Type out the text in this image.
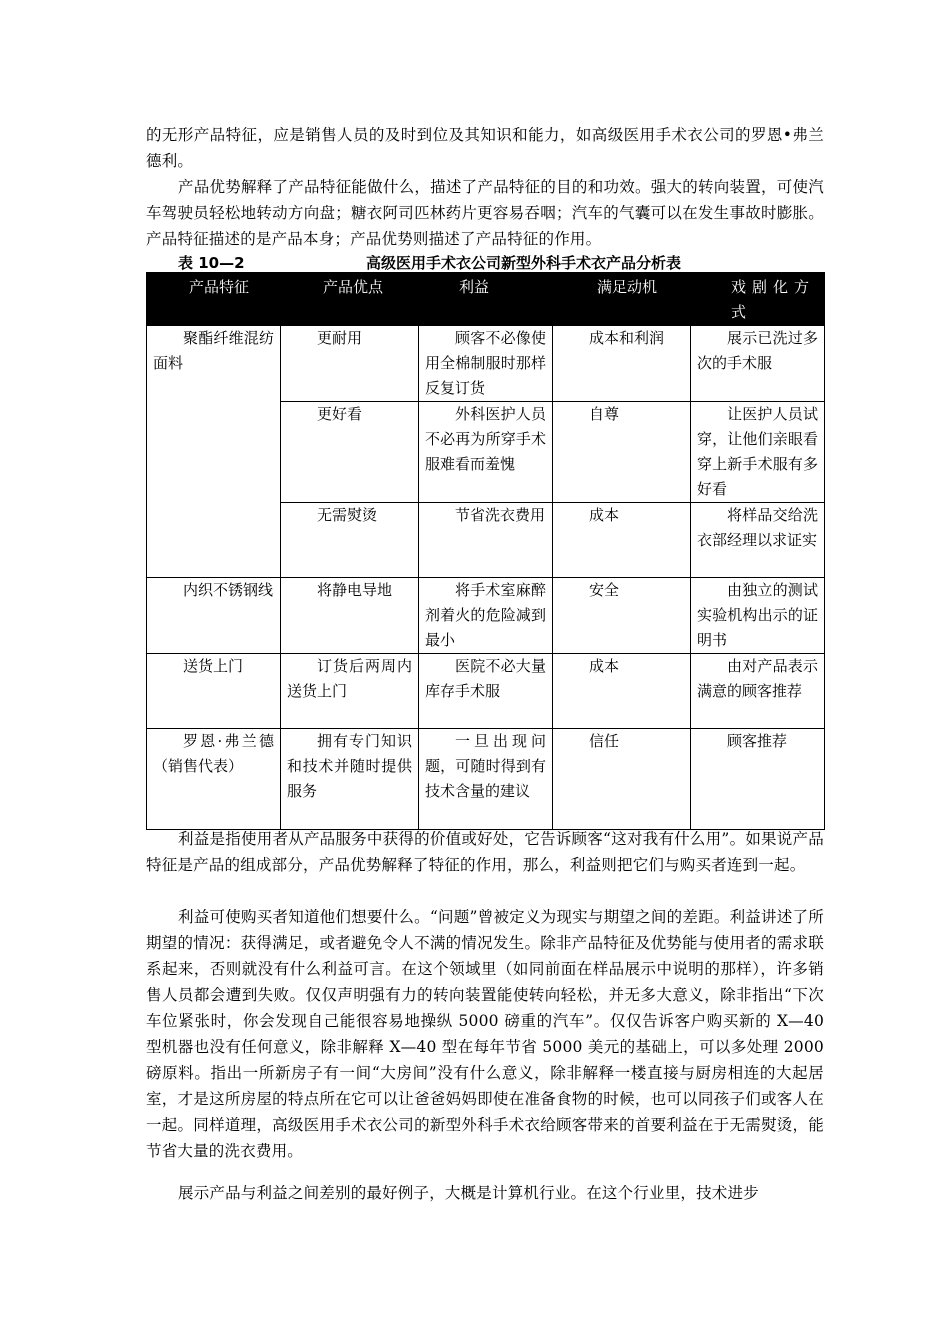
的无形产品特征，应是销售人员的及时到位及其知识和能力，如高级医用手术衣公司的罗恩•弗兰德利。

产品优势解释了产品特征能做什么，描述了产品特征的目的和功效。强大的转向装置，可使汽车驾驶员轻松地转动方向盘；糖衣阿司匹林药片更容易吞咽；汽车的气囊可以在发生事故时膨胀。产品特征描述的是产品本身；产品优势则描述了产品特征的作用。

表 10—2	高级医用手术衣公司新型外科手术衣产品分析表
产品特征	产品优点	利益	满足动机	戏剧化方式
聚酯纤维混纺面料	更耐用	顾客不必像使用全棉制服时那样反复订货	成本和利润	展示已洗过多次的手术服
	更好看	外科医护人员不必再为所穿手术服难看而羞愧	自尊	让医护人员试穿，让他们亲眼看穿上新手术服有多好看
	无需熨烫	节省洗衣费用	成本	将样品交给洗衣部经理以求证实
内织不锈钢线	将静电导地	将手术室麻醉剂着火的危险减到最小	安全	由独立的测试实验机构出示的证明书
送货上门	订货后两周内送货上门	医院不必大量库存手术服	成本	由对产品表示满意的顾客推荐
罗恩·弗兰德（销售代表）	拥有专门知识和技术并随时提供服务	一旦出现问题，可随时得到有技术含量的建议	信任	顾客推荐

利益是指使用者从产品服务中获得的价值或好处，它告诉顾客“这对我有什么用”。如果说产品特征是产品的组成部分，产品优势解释了特征的作用，那么，利益则把它们与购买者连到一起。

利益可使购买者知道他们想要什么。“问题”曾被定义为现实与期望之间的差距。利益讲述了所期望的情况：获得满足，或者避免令人不满的情况发生。除非产品特征及优势能与使用者的需求联系起来，否则就没有什么利益可言。在这个领域里（如同前面在样品展示中说明的那样），许多销售人员都会遭到失败。仅仅声明强有力的转向装置能使转向轻松，并无多大意义，除非指出“下次车位紧张时，你会发现自己能很容易地操纵 5000 磅重的汽车”。仅仅告诉客户购买新的 X—40 型机器也没有任何意义，除非解释 X—40 型在每年节省 5000 美元的基础上，可以多处理 2000 磅原料。指出一所新房子有一间“大房间”没有什么意义，除非解释一楼直接与厨房相连的大起居室，才是这所房屋的特点所在它可以让爸爸妈妈即使在准备食物的时候，也可以同孩子们或客人在一起。同样道理，高级医用手术衣公司的新型外科手术衣给顾客带来的首要利益在于无需熨烫，能节省大量的洗衣费用。

展示产品与利益之间差别的最好例子，大概是计算机行业。在这个行业里，技术进步
